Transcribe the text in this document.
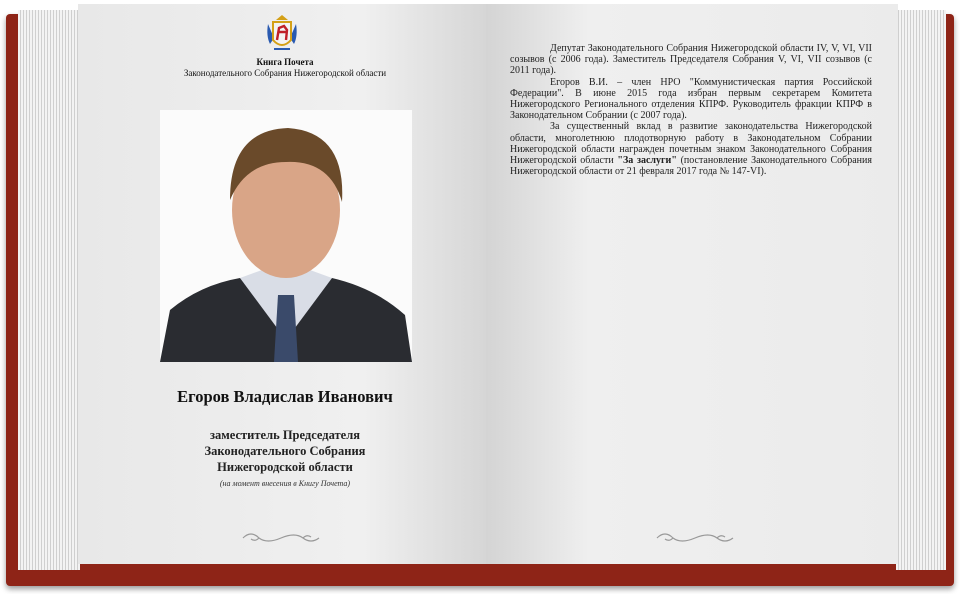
Книга Почета
Законодательного Собрания Нижегородской области
Егоров Владислав Иванович
заместитель Председателя
Законодательного Собрания
Нижегородской области
(на момент внесения в Книгу Почета)

Депутат Законодательного Собрания Нижегородской области IV, V, VI, VII созывов (с 2006 года). Заместитель Председателя Собрания V, VI, VII созывов (с 2011 года).

Егоров В.И. – член НРО "Коммунистическая партия Российской Федерации". В июне 2015 года избран первым секретарем Комитета Нижегородского Регионального отделения КПРФ. Руководитель фракции КПРФ в Законодательном Собрании (с 2007 года).

За существенный вклад в развитие законодательства Нижегородской области, многолетнюю плодотворную работу в Законодательном Собрании Нижегородской области награжден почетным знаком Законодательного Собрания Нижегородской области "За заслуги" (постановление Законодательного Собрания Нижегородской области от 21 февраля 2017 года № 147-VI).
